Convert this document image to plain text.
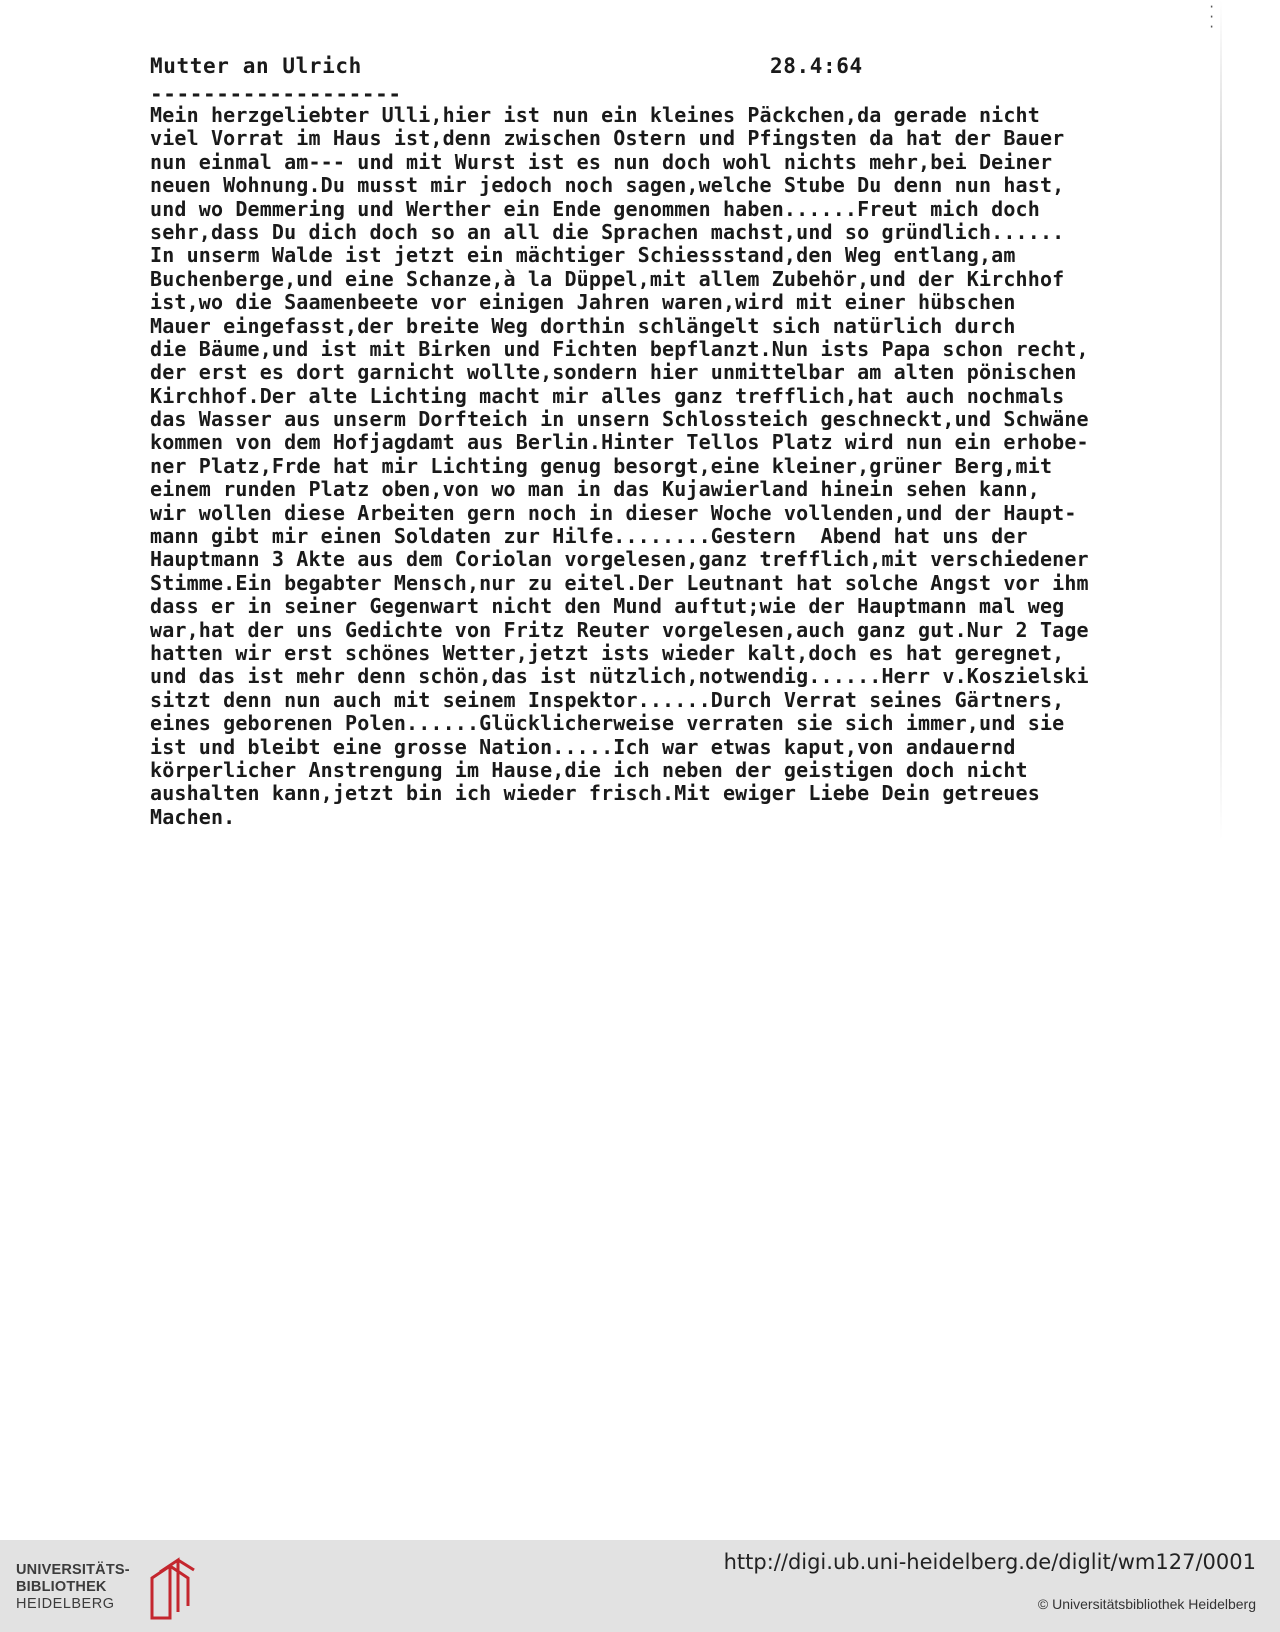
·
·
·
Mutter an Ulrich	28.4:64
-------------------
Mein herzgeliebter Ulli,hier ist nun ein kleines Päckchen,da gerade nicht
viel Vorrat im Haus ist,denn zwischen Ostern und Pfingsten da hat der Bauer
nun einmal am--- und mit Wurst ist es nun doch wohl nichts mehr,bei Deiner
neuen Wohnung.Du musst mir jedoch noch sagen,welche Stube Du denn nun hast,
und wo Demmering und Werther ein Ende genommen haben......Freut mich doch
sehr,dass Du dich doch so an all die Sprachen machst,und so gründlich......
In unserm Walde ist jetzt ein mächtiger Schiessstand,den Weg entlang,am
Buchenberge,und eine Schanze,à la Düppel,mit allem Zubehör,und der Kirchhof
ist,wo die Saamenbeete vor einigen Jahren waren,wird mit einer hübschen
Mauer eingefasst,der breite Weg dorthin schlängelt sich natürlich durch
die Bäume,und ist mit Birken und Fichten bepflanzt.Nun ists Papa schon recht,
der erst es dort garnicht wollte,sondern hier unmittelbar am alten pönischen
Kirchhof.Der alte Lichting macht mir alles ganz trefflich,hat auch nochmals
das Wasser aus unserm Dorfteich in unsern Schlossteich geschneckt,und Schwäne
kommen von dem Hofjagdamt aus Berlin.Hinter Tellos Platz wird nun ein erhobe-
ner Platz,Frde hat mir Lichting genug besorgt,eine kleiner,grüner Berg,mit
einem runden Platz oben,von wo man in das Kujawierland hinein sehen kann,
wir wollen diese Arbeiten gern noch in dieser Woche vollenden,und der Haupt-
mann gibt mir einen Soldaten zur Hilfe........Gestern  Abend hat uns der
Hauptmann 3 Akte aus dem Coriolan vorgelesen,ganz trefflich,mit verschiedener
Stimme.Ein begabter Mensch,nur zu eitel.Der Leutnant hat solche Angst vor ihm
dass er in seiner Gegenwart nicht den Mund auftut;wie der Hauptmann mal weg
war,hat der uns Gedichte von Fritz Reuter vorgelesen,auch ganz gut.Nur 2 Tage
hatten wir erst schönes Wetter,jetzt ists wieder kalt,doch es hat geregnet,
und das ist mehr denn schön,das ist nützlich,notwendig......Herr v.Koszielski
sitzt denn nun auch mit seinem Inspektor......Durch Verrat seines Gärtners,
eines geborenen Polen......Glücklicherweise verraten sie sich immer,und sie
ist und bleibt eine grosse Nation.....Ich war etwas kaput,von andauernd
körperlicher Anstrengung im Hause,die ich neben der geistigen doch nicht
aushalten kann,jetzt bin ich wieder frisch.Mit ewiger Liebe Dein getreues
Machen.
UNIVERSITÄTS-
BIBLIOTHEK
HEIDELBERG
http://digi.ub.uni-heidelberg.de/diglit/wm127/0001
© Universitätsbibliothek Heidelberg
